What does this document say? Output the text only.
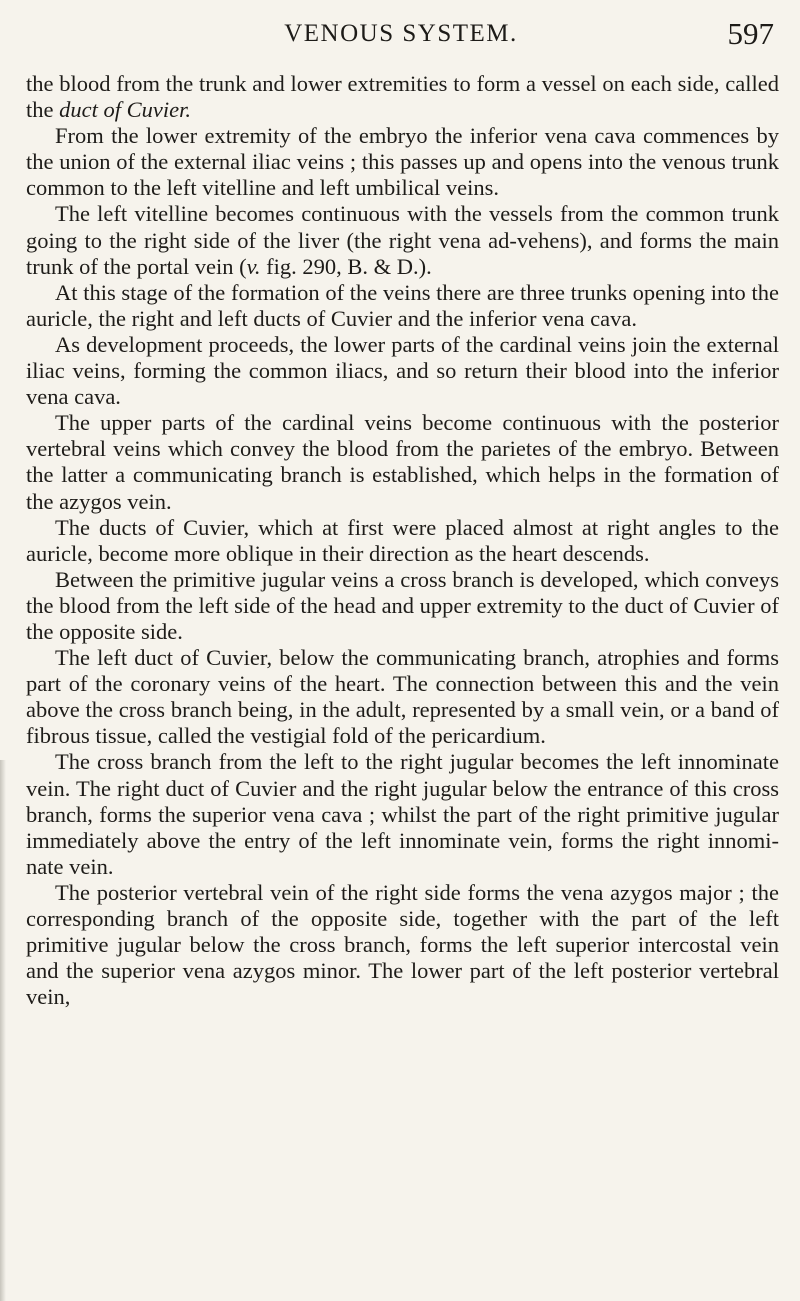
VENOUS SYSTEM.	597

the blood from the trunk and lower extremities to form a vessel on each side, called the duct of Cuvier.

From the lower extremity of the embryo the inferior vena cava commences by the union of the external iliac veins ; this passes up and opens into the venous trunk common to the left vitelline and left umbilical veins.

The left vitelline becomes continuous with the vessels from the common trunk going to the right side of the liver (the right vena ad-vehens), and forms the main trunk of the portal vein (v. fig. 290, B. & D.).

At this stage of the formation of the veins there are three trunks opening into the auricle, the right and left ducts of Cuvier and the inferior vena cava.

As development proceeds, the lower parts of the cardinal veins join the external iliac veins, forming the common iliacs, and so return their blood into the inferior vena cava.

The upper parts of the cardinal veins become continuous with the posterior vertebral veins which convey the blood from the parietes of the embryo. Between the latter a communicating branch is established, which helps in the formation of the azygos vein.

The ducts of Cuvier, which at first were placed almost at right angles to the auricle, become more oblique in their direction as the heart descends.

Between the primitive jugular veins a cross branch is developed, which conveys the blood from the left side of the head and upper extremity to the duct of Cuvier of the opposite side.

The left duct of Cuvier, below the communicating branch, atrophies and forms part of the coronary veins of the heart. The connection between this and the vein above the cross branch being, in the adult, represented by a small vein, or a band of fibrous tissue, called the vestigial fold of the pericardium.

The cross branch from the left to the right jugular becomes the left innominate vein. The right duct of Cuvier and the right jugular below the entrance of this cross branch, forms the superior vena cava ; whilst the part of the right primitive jugular immediately above the entry of the left innominate vein, forms the right innomi-nate vein.

The posterior vertebral vein of the right side forms the vena azygos major ; the corresponding branch of the opposite side, together with the part of the left primitive jugular below the cross branch, forms the left superior intercostal vein and the superior vena azygos minor. The lower part of the left posterior vertebral vein,
